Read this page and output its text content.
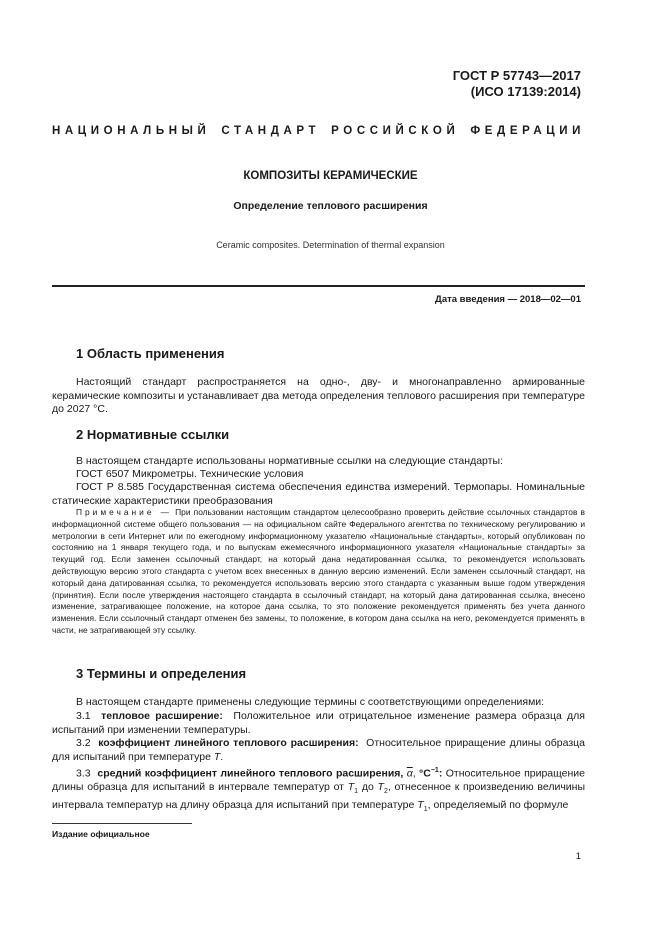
ГОСТ Р 57743—2017
(ИСО 17139:2014)
НАЦИОНАЛЬНЫЙ СТАНДАРТ РОССИЙСКОЙ ФЕДЕРАЦИИ
КОМПОЗИТЫ КЕРАМИЧЕСКИЕ
Определение теплового расширения
Ceramic composites. Determination of thermal expansion
Дата введения — 2018—02—01
1 Область применения
Настоящий стандарт распространяется на одно-, дву- и многонаправленно армированные керамические композиты и устанавливает два метода определения теплового расширения при температуре до 2027 °С.
2 Нормативные ссылки
В настоящем стандарте использованы нормативные ссылки на следующие стандарты:
ГОСТ 6507 Микрометры. Технические условия
ГОСТ Р 8.585 Государственная система обеспечения единства измерений. Термопары. Номинальные статические характеристики преобразования
Примечание — При пользовании настоящим стандартом целесообразно проверить действие ссылочных стандартов в информационной системе общего пользования — на официальном сайте Федерального агентства по техническому регулированию и метрологии в сети Интернет или по ежегодному информационному указателю «Национальные стандарты», который опубликован по состоянию на 1 января текущего года, и по выпускам ежемесячного информационного указателя «Национальные стандарты» за текущий год. Если заменен ссылочный стандарт, на который дана недатированная ссылка, то рекомендуется использовать действующую версию этого стандарта с учетом всех внесенных в данную версию изменений. Если заменен ссылочный стандарт, на который дана датированная ссылка, то рекомендуется использовать версию этого стандарта с указанным выше годом утверждения (принятия). Если после утверждения настоящего стандарта в ссылочный стандарт, на который дана датированная ссылка, внесено изменение, затрагивающее положение, на которое дана ссылка, то это положение рекомендуется применять без учета данного изменения. Если ссылочный стандарт отменен без замены, то положение, в котором дана ссылка на него, рекомендуется применять в части, не затрагивающей эту ссылку.
3 Термины и определения
В настоящем стандарте применены следующие термины с соответствующими определениями:
3.1 тепловое расширение: Положительное или отрицательное изменение размера образца для испытаний при изменении температуры.
3.2 коэффициент линейного теплового расширения: Относительное приращение длины образца для испытаний при температуре T.
3.3 средний коэффициент линейного теплового расширения, $\overline{\alpha}$, $^\circ С^{-1}$: Относительное приращение длины образца для испытаний в интервале температур от $T_1$ до $T_2$, отнесенное к произведению величины интервала температур на длину образца для испытаний при температуре $T_1$, определяемый по формуле
Издание официальное
1
